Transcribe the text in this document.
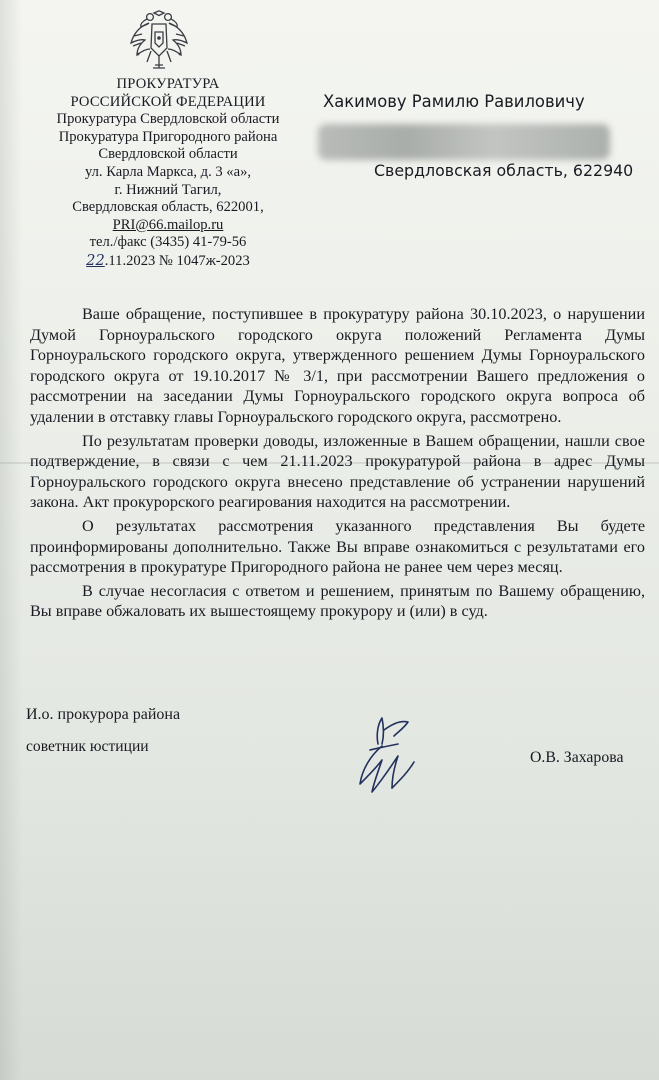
ПРОКУРАТУРА
РОССИЙСКОЙ ФЕДЕРАЦИИ
Прокуратура Свердловской области
Прокуратура Пригородного района
Свердловской области
ул. Карла Маркса, д. 3 «а»,
г. Нижний Тагил,
Свердловская область, 622001,
PRI@66.mailop.ru
тел./факс (3435) 41-79-56
22.11.2023 № 1047ж-2023
Хакимову Рамилю Равиловичу
Свердловская область, 622940

Ваше обращение, поступившее в прокуратуру района 30.10.2023, о нарушении Думой Горноуральского городского округа положений Регламента Думы Горноуральского городского округа, утвержденного решением Думы Горноуральского городского округа от 19.10.2017 № 3/1, при рассмотрении Вашего предложения о рассмотрении на заседании Думы Горноуральского городского округа вопроса об удалении в отставку главы Горноуральского городского округа, рассмотрено.

По результатам проверки доводы, изложенные в Вашем обращении, нашли свое подтверждение, в связи с чем 21.11.2023 прокуратурой района в адрес Думы Горноуральского городского округа внесено представление об устранении нарушений закона. Акт прокурорского реагирования находится на рассмотрении.

О результатах рассмотрения указанного представления Вы будете проинформированы дополнительно. Также Вы вправе ознакомиться с результатами его рассмотрения в прокуратуре Пригородного района не ранее чем через месяц.

В случае несогласия с ответом и решением, принятым по Вашему обращению, Вы вправе обжаловать их вышестоящему прокурору и (или) в суд.

И.о. прокурора района
советник юстиции
О.В. Захарова
